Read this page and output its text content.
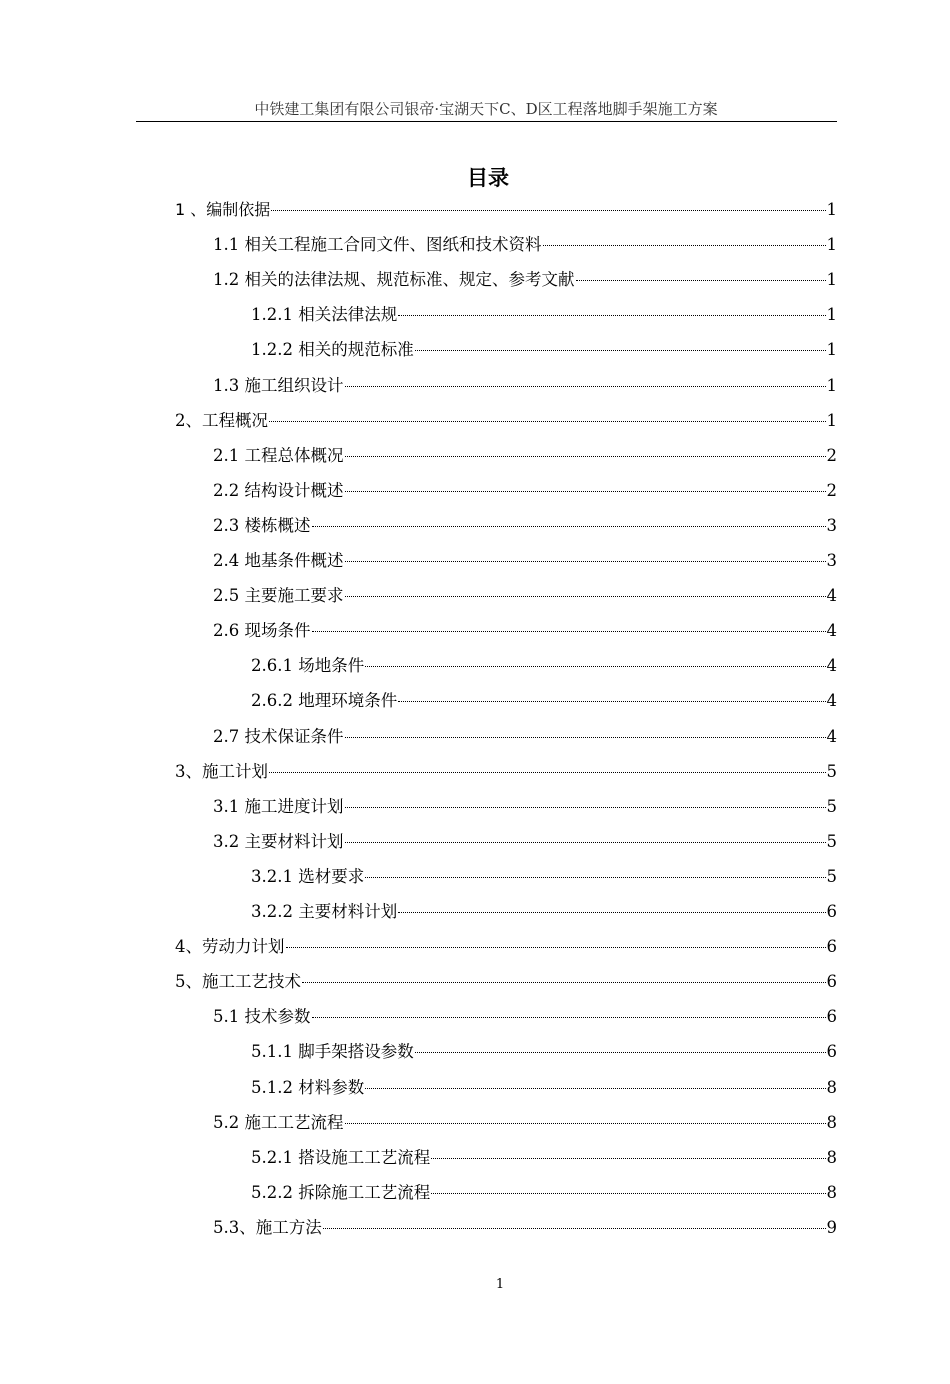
中铁建工集团有限公司银帝·宝湖天下C、D区工程落地脚手架施工方案
目录
1 、编制依据	1
1.1 相关工程施工合同文件、图纸和技术资料	1
1.2 相关的法律法规、规范标准、规定、参考文献	1
1.2.1 相关法律法规	1
1.2.2 相关的规范标准	1
1.3 施工组织设计	1
2、工程概况	1
2.1 工程总体概况	2
2.2 结构设计概述	2
2.3 楼栋概述	3
2.4 地基条件概述	3
2.5 主要施工要求	4
2.6 现场条件	4
2.6.1 场地条件	4
2.6.2 地理环境条件	4
2.7 技术保证条件	4
3、施工计划	5
3.1 施工进度计划	5
3.2 主要材料计划	5
3.2.1 选材要求	5
3.2.2 主要材料计划	6
4、劳动力计划	6
5、施工工艺技术	6
5.1 技术参数	6
5.1.1 脚手架搭设参数	6
5.1.2 材料参数	8
5.2 施工工艺流程	8
5.2.1 搭设施工工艺流程	8
5.2.2 拆除施工工艺流程	8
5.3、施工方法	9
1
